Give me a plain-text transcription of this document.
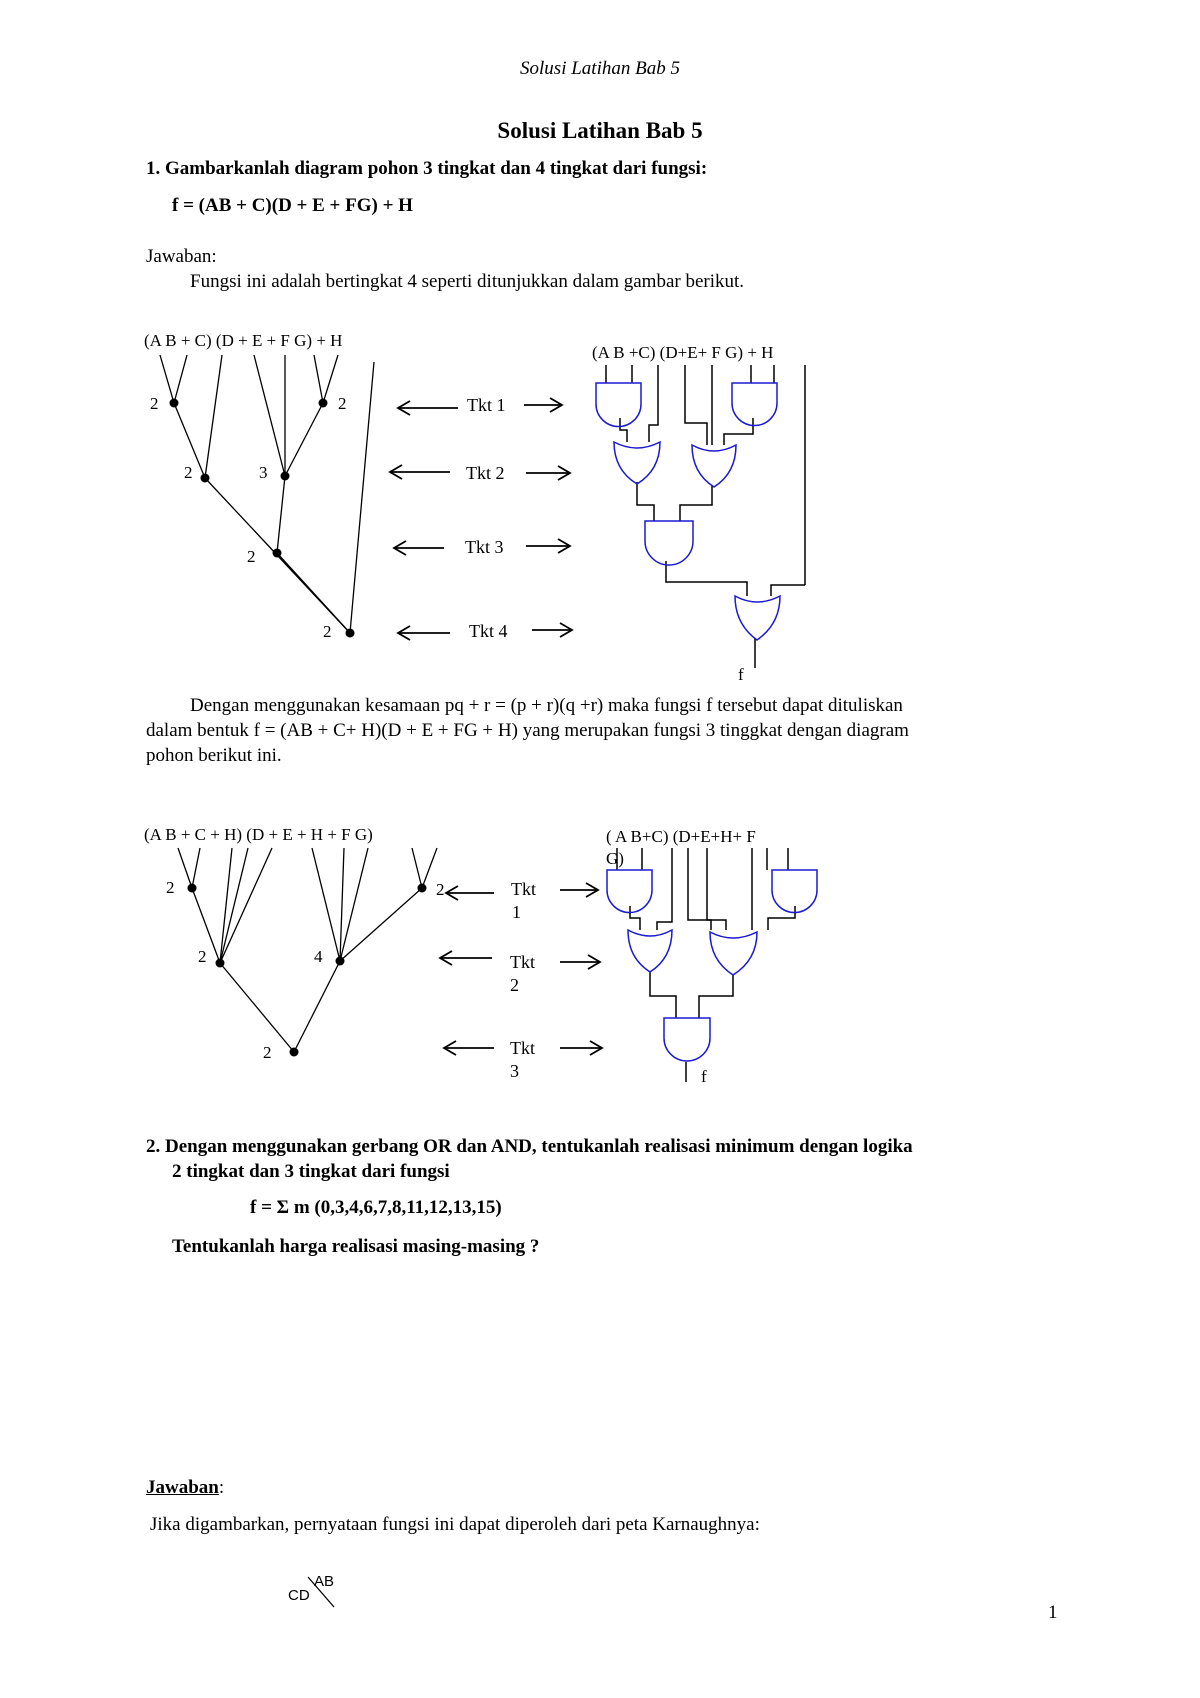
Solusi Latihan Bab 5
Solusi Latihan Bab 5
1. Gambarkanlah diagram pohon 3 tingkat dan 4 tingkat dari fungsi:
f = (AB + C)(D + E + FG) + H
Jawaban:
Fungsi ini adalah bertingkat 4 seperti ditunjukkan dalam gambar berikut.
(A B + C) (D + E + F G) + H
2	2
2	3
2
2
Tkt 1
Tkt 2
Tkt 3
Tkt 4
(A B +C) (D+E+ F G) + H
f
Dengan menggunakan kesamaan pq + r = (p + r)(q +r) maka fungsi f tersebut dapat dituliskan
dalam bentuk f = (AB + C+ H)(D + E + FG + H) yang merupakan fungsi 3 tinggkat dengan diagram
pohon berikut ini.
(A B + C + H) (D + E + H + F G)
2	2
2	4
2
Tkt
1
Tkt
2
Tkt
3
( A B+C) (D+E+H+ F
G)
f
2. Dengan menggunakan gerbang OR dan AND, tentukanlah realisasi minimum dengan logika
2 tingkat dan 3 tingkat dari fungsi
f = Σ m (0,3,4,6,7,8,11,12,13,15)
Tentukanlah harga realisasi masing-masing ?
Jawaban:
Jika digambarkan, pernyataan fungsi ini dapat diperoleh dari peta Karnaughnya:
CD
AB
1
